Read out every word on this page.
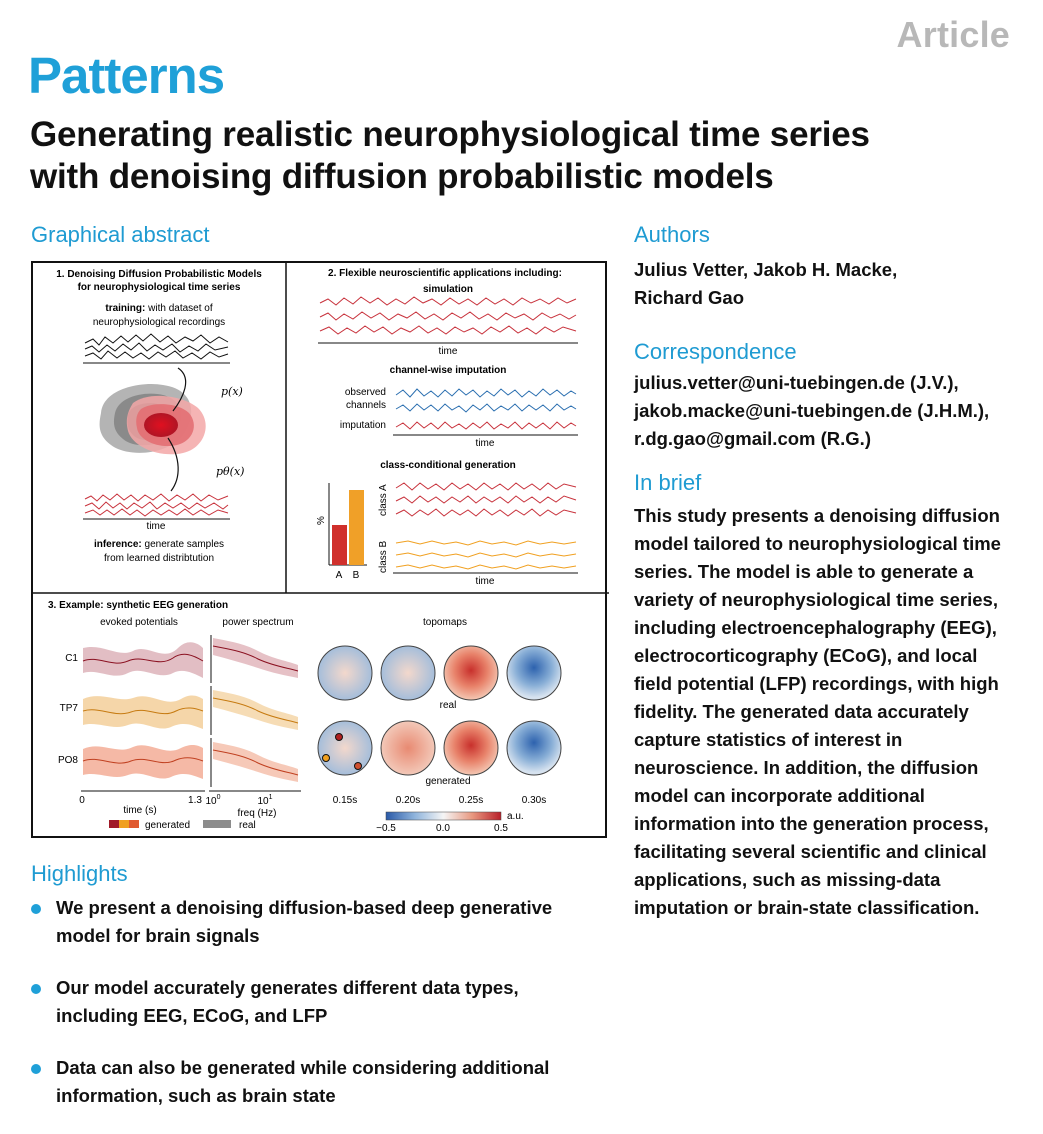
Article
Patterns
Generating realistic neurophysiological time series
with denoising diffusion probabilistic models
Graphical abstract
1. Denoising Diffusion Probabilistic Models
for neurophysiological time series
training: with dataset of
neurophysiological recordings
p(x)
pθ(x)
time
inference: generate samples
from learned distribtution
2. Flexible neuroscientific applications including:
simulation
time
channel-wise imputation
observed
channels
imputation
time
class-conditional generation
%
A B
class A
class B
time
3. Example: synthetic EEG generation
evoked potentials	power spectrum	topomaps
C1
TP7
PO8
0	1.3
time (s)
$10^0$	$10^1$
freq (Hz)
real
generated
0.15s	0.20s	0.25s	0.30s
−0.5	0.0	0.5
a.u.
generated	real
Highlights
We present a denoising diffusion-based deep generative
model for brain signals
Our model accurately generates different data types,
including EEG, ECoG, and LFP
Data can also be generated while considering additional
information, such as brain state
Authors
Julius Vetter, Jakob H. Macke,
Richard Gao
Correspondence
julius.vetter@uni-tuebingen.de (J.V.),
jakob.macke@uni-tuebingen.de (J.H.M.),
r.dg.gao@gmail.com (R.G.)
In brief
This study presents a denoising diffusion
model tailored to neurophysiological time
series. The model is able to generate a
variety of neurophysiological time series,
including electroencephalography (EEG),
electrocorticography (ECoG), and local
field potential (LFP) recordings, with high
fidelity. The generated data accurately
capture statistics of interest in
neuroscience. In addition, the diffusion
model can incorporate additional
information into the generation process,
facilitating several scientific and clinical
applications, such as missing-data
imputation or brain-state classification.
